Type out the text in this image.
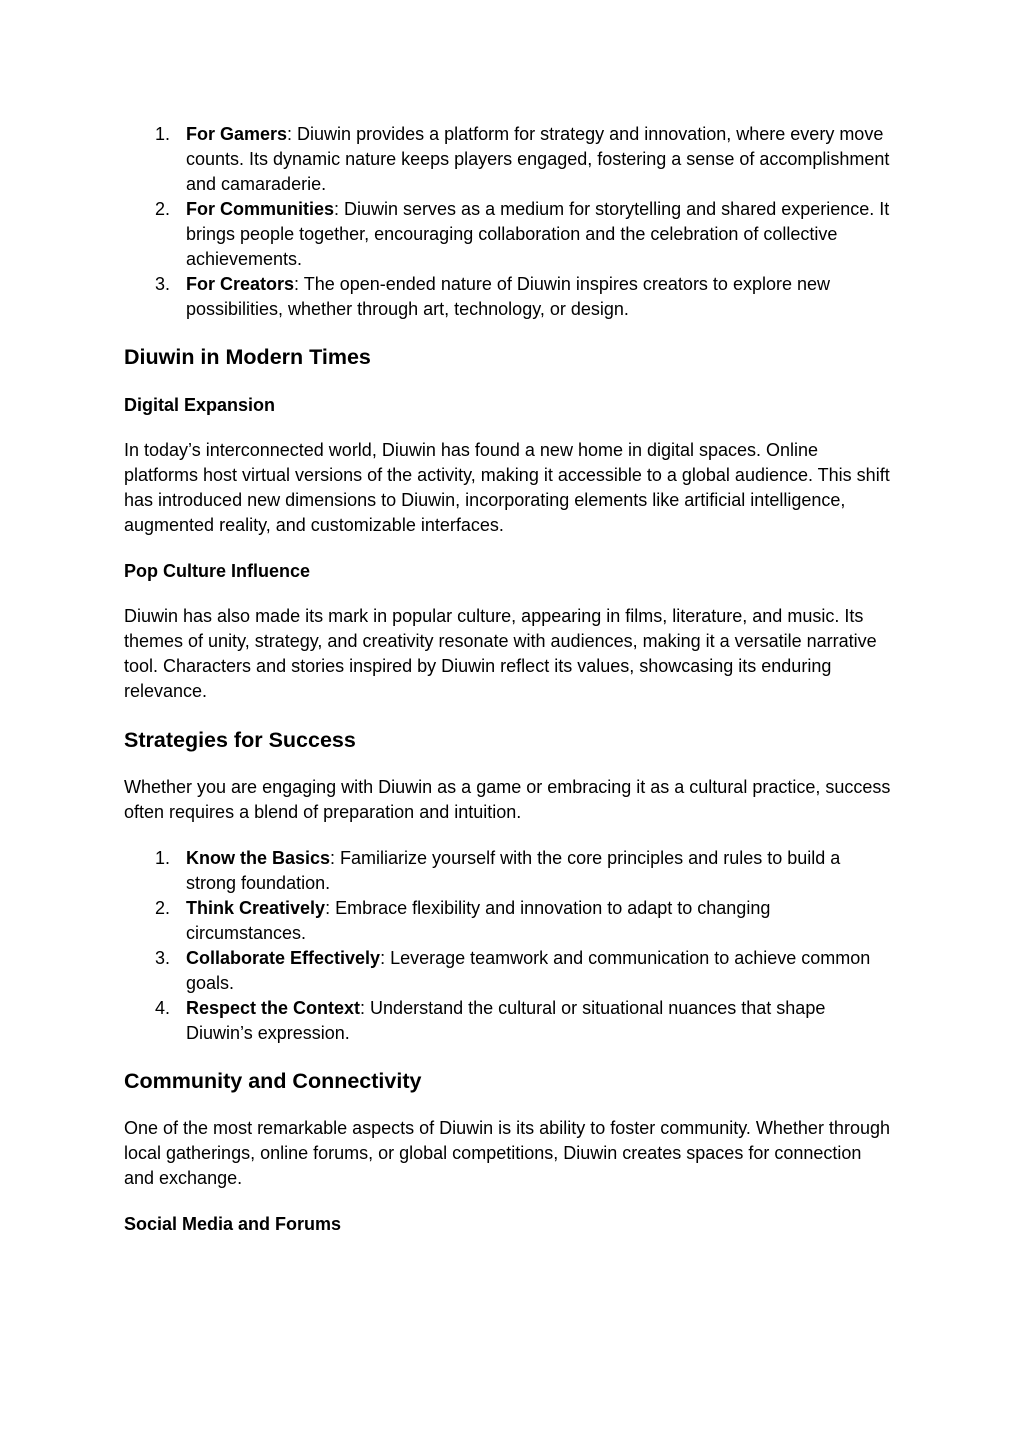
1. For Gamers: Diuwin provides a platform for strategy and innovation, where every move counts. Its dynamic nature keeps players engaged, fostering a sense of accomplishment and camaraderie.
2. For Communities: Diuwin serves as a medium for storytelling and shared experience. It brings people together, encouraging collaboration and the celebration of collective achievements.
3. For Creators: The open-ended nature of Diuwin inspires creators to explore new possibilities, whether through art, technology, or design.
Diuwin in Modern Times
Digital Expansion

In today’s interconnected world, Diuwin has found a new home in digital spaces. Online platforms host virtual versions of the activity, making it accessible to a global audience. This shift has introduced new dimensions to Diuwin, incorporating elements like artificial intelligence, augmented reality, and customizable interfaces.

Pop Culture Influence

Diuwin has also made its mark in popular culture, appearing in films, literature, and music. Its themes of unity, strategy, and creativity resonate with audiences, making it a versatile narrative tool. Characters and stories inspired by Diuwin reflect its values, showcasing its enduring relevance.

Strategies for Success

Whether you are engaging with Diuwin as a game or embracing it as a cultural practice, success often requires a blend of preparation and intuition.

1. Know the Basics: Familiarize yourself with the core principles and rules to build a strong foundation.
2. Think Creatively: Embrace flexibility and innovation to adapt to changing circumstances.
3. Collaborate Effectively: Leverage teamwork and communication to achieve common goals.
4. Respect the Context: Understand the cultural or situational nuances that shape Diuwin’s expression.
Community and Connectivity

One of the most remarkable aspects of Diuwin is its ability to foster community. Whether through local gatherings, online forums, or global competitions, Diuwin creates spaces for connection and exchange.

Social Media and Forums
